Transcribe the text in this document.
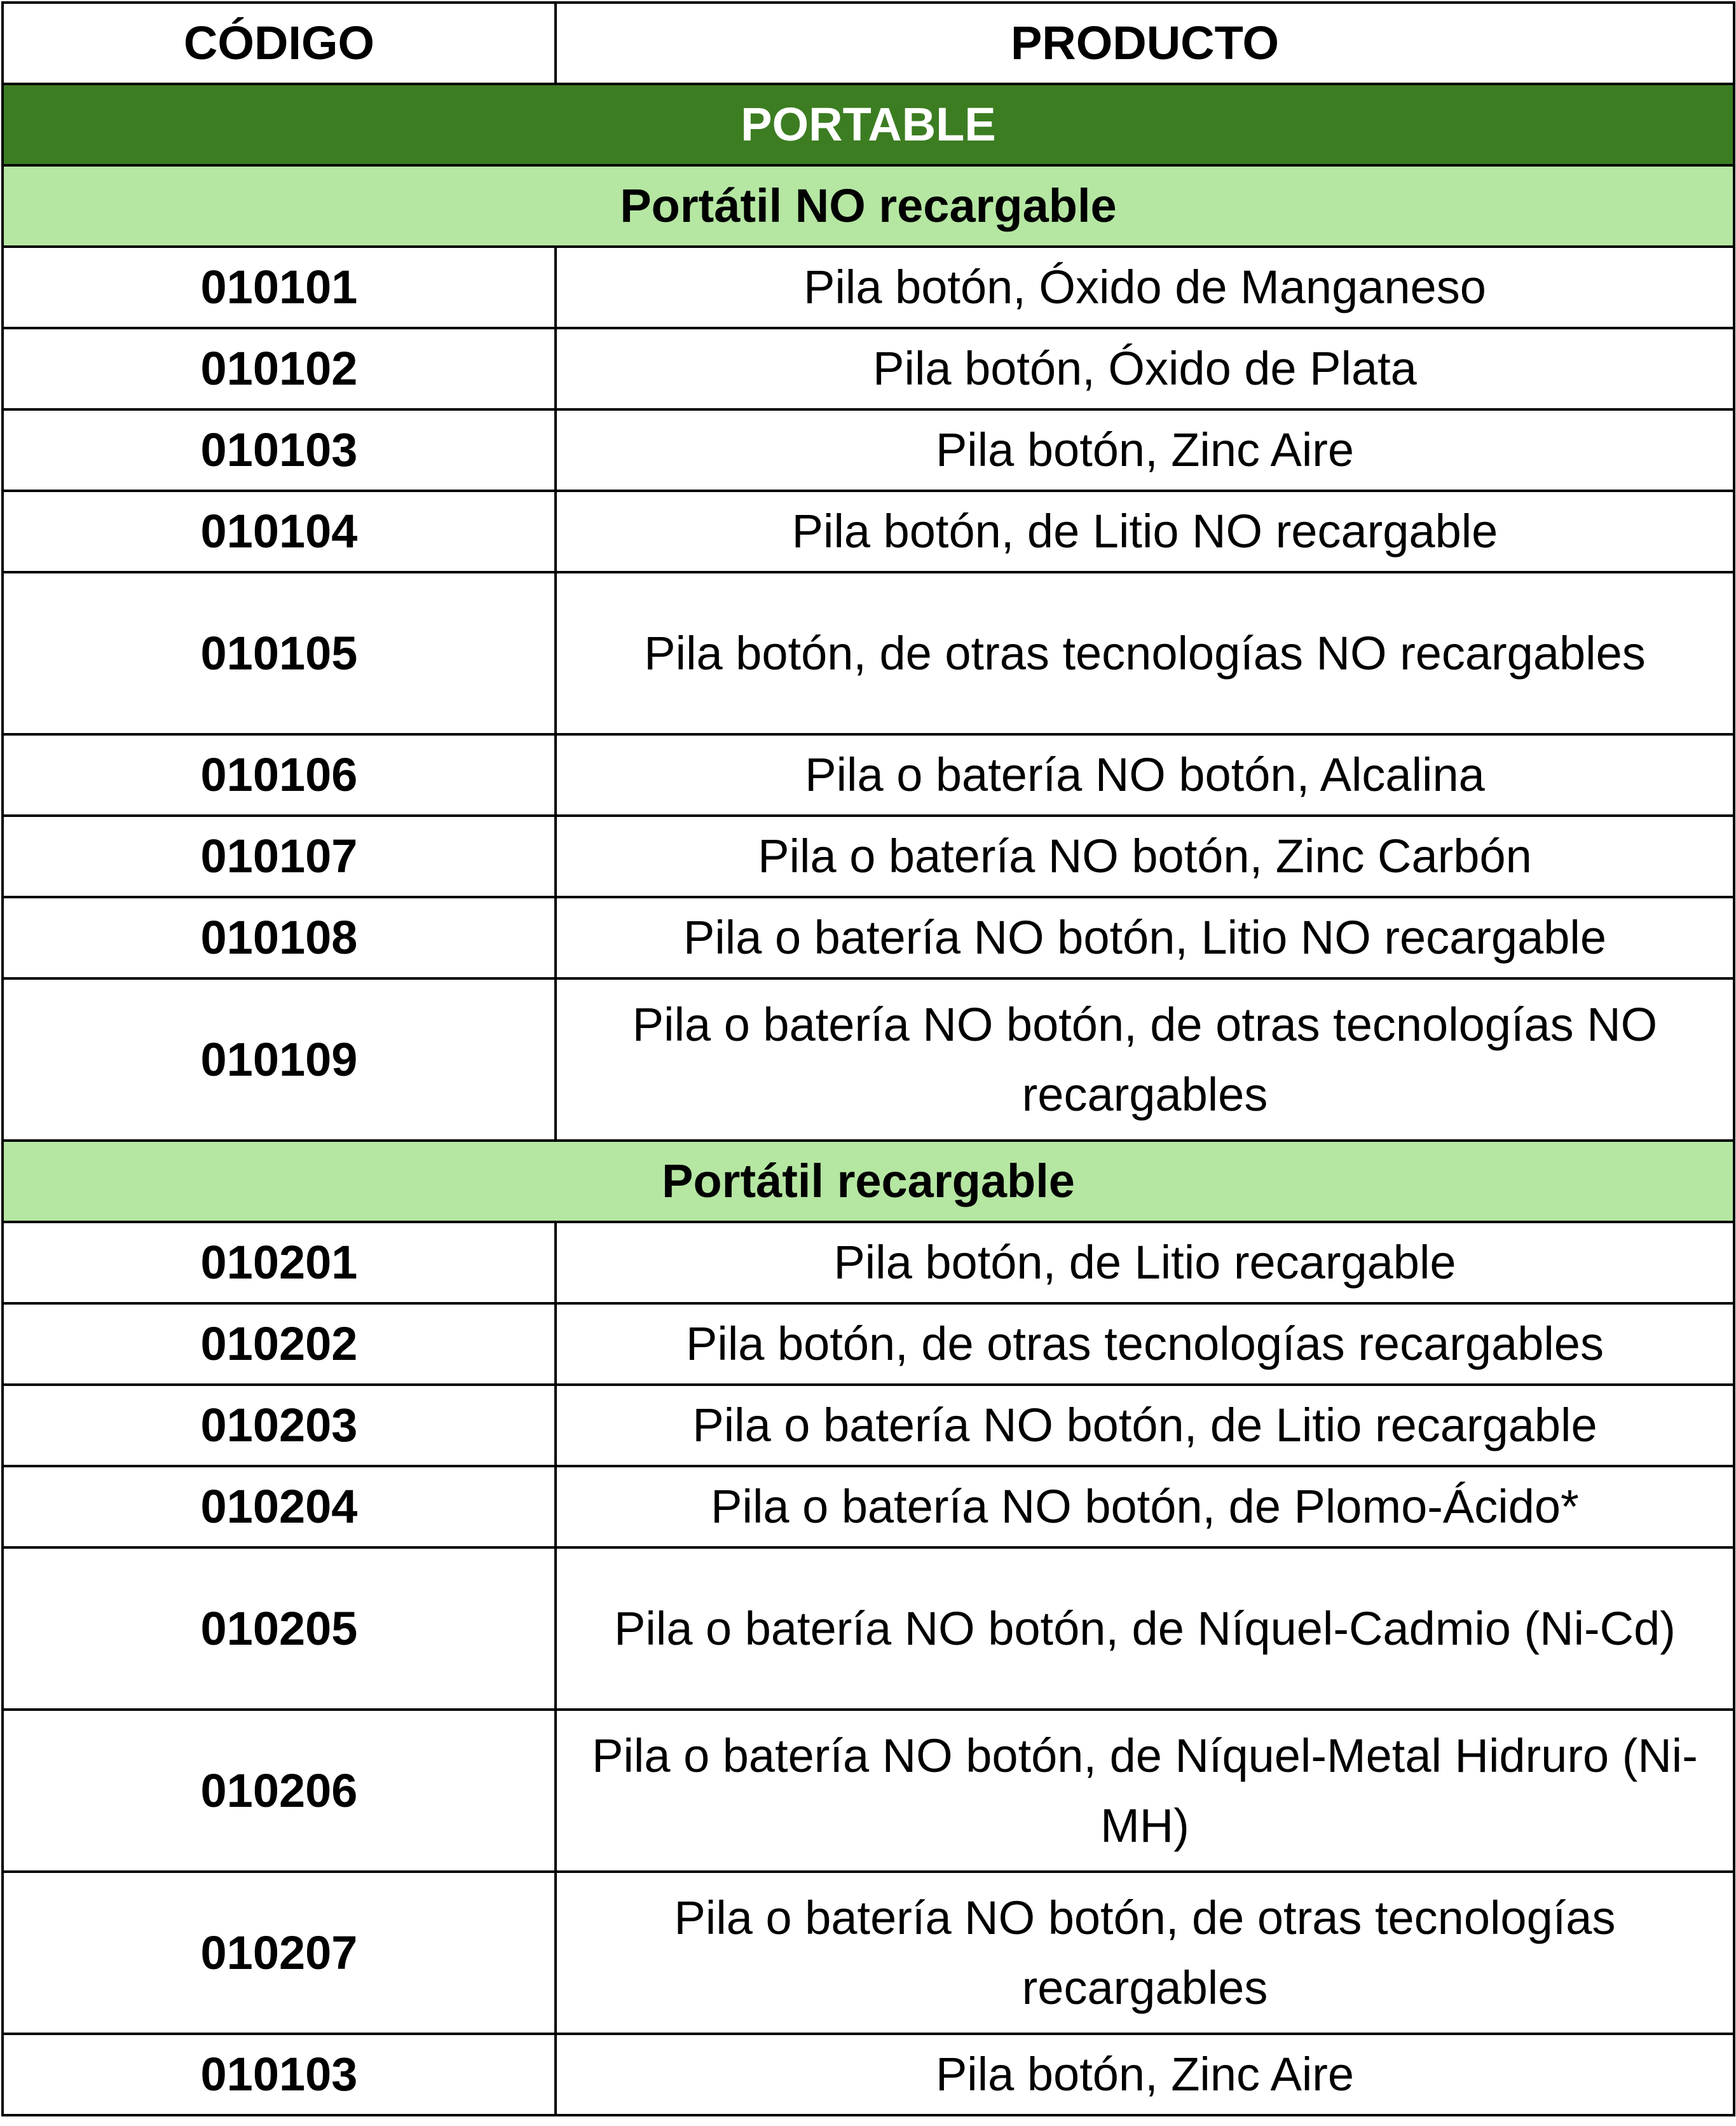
CÓDIGO	PRODUCTO
PORTABLE	
Portátil NO recargable	
010101	Pila botón, Óxido de Manganeso
010102	Pila botón, Óxido de Plata
010103	Pila botón, Zinc Aire
010104	Pila botón, de Litio NO recargable
010105	Pila botón, de otras tecnologías NO recargables
010106	Pila o batería NO botón, Alcalina
010107	Pila o batería NO botón, Zinc Carbón
010108	Pila o batería NO botón, Litio NO recargable
010109	Pila o batería NO botón, de otras tecnologías NO recargables
Portátil recargable	
010201	Pila botón, de Litio recargable
010202	Pila botón, de otras tecnologías recargables
010203	Pila o batería NO botón, de Litio recargable
010204	Pila o batería NO botón, de Plomo-Ácido*
010205	Pila o batería NO botón, de Níquel-Cadmio (Ni-Cd)
010206	Pila o batería NO botón, de Níquel-Metal Hidruro (Ni-MH)
010207	Pila o batería NO botón, de otras tecnologías recargables
010103	Pila botón, Zinc Aire
